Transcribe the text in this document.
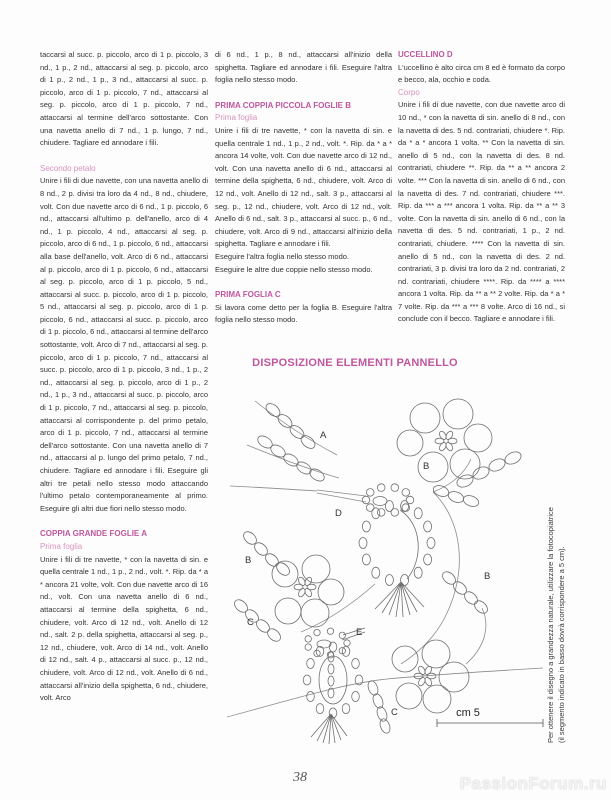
taccarsi al succ. p. piccolo, arco di 1 p. piccolo, 3 nd., 1 p., 2 nd., attaccarsi al seg. p. piccolo, arco di 1 p., 2 nd., 1 p., 3 nd., attaccarsi al succ. p. piccolo, arco di 1 p. piccolo, 7 nd., attaccarsi al seg. p. piccolo, arco di 1 p. piccolo, 7 nd., attaccarsi al termine dell'arco sottostante. Con una navetta anello di 7 nd., 1 p. lungo, 7 nd., chiudere. Tagliare ed annodare i fili.

Secondo petalo

Unire i fili di due navette, con una navetta anello di 8 nd., 2 p. divisi tra loro da 4 nd., 8 nd., chiudere, volt. Con due navette arco di 6 nd., 1 p. piccolo, 6 nd., attaccarsi all'ultimo p. dell'anello, arco di 4 nd., 1 p. piccolo, 4 nd., attaccarsi al seg. p. piccolo, arco di 6 nd., 1 p. piccolo, 6 nd., attaccarsi alla base dell'anello, volt. Arco di 6 nd., attaccarsi al p. piccolo, arco di 1 p. piccolo, 6 nd., attaccarsi al seg. p. piccolo, arco di 1 p. piccolo, 5 nd., attaccarsi al succ. p. piccolo, arco di 1 p. piccolo, 5 nd., attaccarsi al seg. p. piccolo, arco di 1 p. piccolo, 6 nd., attaccarsi al succ. p. piccolo, arco di 1 p. piccolo, 6 nd., attaccarsi al termine dell'arco sottostante, volt. Arco di 7 nd., attaccarsi al seg. p. piccolo, arco di 1 p. piccolo, 7 nd., attaccarsi al succ. p. piccolo, arco di 1 p. piccolo, 3 nd., 1 p., 2 nd., attaccarsi al seg. p. piccolo, arco di 1 p., 2 nd., 1 p., 3 nd., attaccarsi al succ. p. piccolo, arco di 1 p. piccolo, 7 nd., attaccarsi al seg. p. piccolo, attaccarsi al corrispondente p. del primo petalo, arco di 1 p. piccolo, 7 nd., attaccarsi al termine dell'arco sottostante. Con una navetta anello di 7 nd., attaccarsi al p. lungo del primo petalo, 7 nd., chiudere. Tagliare ed annodare i fili. Eseguire gli altri tre petali nello stesso modo attaccando l'ultimo petalo contemporaneamente al primo. Eseguire gli altri due fiori nello stesso modo.

COPPIA GRANDE FOGLIE A

Prima foglia

Unire i fili di tre navette, * con la navetta di sin. e quella centrale 1 nd., 1 p., 2 nd., volt. *. Rip. da * a * ancora 21 volte, volt. Con due navette arco di 16 nd., volt. Con una navetta anello di 6 nd., attaccarsi al termine della spighetta, 6 nd., chiudere, volt. Arco di 12 nd., volt. Anello di 12 nd., salt. 2 p. della spighetta, attaccarsi al seg. p., 12 nd., chiudere, volt. Arco di 14 nd., volt. Anello di 12 nd., salt. 4 p., attaccarsi al succ. p., 12 nd., chiudere, volt. Arco di 12 nd., volt. Anello di 6 nd., attaccarsi all'inizio della spighetta, 6 nd., chiudere, volt. Arco

di 6 nd., 1 p., 8 nd., attaccarsi all'inizio della spighetta. Tagliare ed annodare i fili. Eseguire l'altra foglia nello stesso modo.

PRIMA COPPIA PICCOLA FOGLIE B

Prima foglia

Unire i fili di tre navette, * con la navetta di sin. e quella centrale 1 nd., 1 p., 2 nd., volt. *. Rip. da * a * ancora 14 volte, volt. Con due navette arco di 12 nd., volt. Con una navetta anello di 6 nd., attaccarsi al termine della spighetta, 6 nd., chiudere, volt. Arco di 12 nd., volt. Anello di 12 nd., salt. 3 p., attaccarsi al seg. p., 12 nd., chiudere, volt. Arco di 12 nd., volt. Anello di 6 nd., salt. 3 p., attaccarsi al succ. p., 6 nd., chiudere, volt. Arco di 9 nd., attaccarsi all'inizio della spighetta. Tagliare e annodare i fili.

Eseguire l'altra foglia nello stesso modo.

Eseguire le altre due coppie nello stesso modo.

PRIMA FOGLIA C

Si lavora come detto per la foglia B. Eseguire l'altra foglia nello stesso modo.

UCCELLINO D

L'uccellino è alto circa cm 8 ed è formato da corpo e becco, ala, occhio e coda.

Corpo

Unire i fili di due navette, con due navette arco di 10 nd., * con la navetta di sin. anello di 8 nd., con la navetta di des. 5 nd. contrariati, chiudere *. Rip. da * a * ancora 1 volta. ** Con la navetta di sin. anello di 5 nd., con la navetta di des. 8 nd. contrariati, chiudere **. Rip. da ** a ** ancora 2 volte. *** Con la navetta di sin. anello di 6 nd., con la navetta di des. 7 nd. contrariati, chiudere ***. Rip. da *** a *** ancora 1 volta. Rip. da ** a ** 3 volte. Con la navetta di sin. anello di 6 nd., con la navetta di des. 5 nd. contrariati, 1 p., 2 nd. contrariati, chiudere. **** Con la navetta di sin. anello di 5 nd., con la navetta di des. 2 nd. contrariati, 3 p. divisi tra loro da 2 nd. contrariati, 2 nd. contrariati, chiudere ****. Rip. da **** a **** ancora 1 volta. Rip. da ** a ** 2 volte. Rip. da * a * 7 volte. Rip. da *** a *** 8 volte. Arco di 16 nd., si conclude con il becco. Tagliare e annodare i fili.

DISPOSIZIONE ELEMENTI PANNELLO
A
B
D
B
B
C
E
C	cm 5	Per ottenere il disegno a grandezza naturale, utilizzare la fotocopiatrice (il segmento indicato in basso dovrà corrispondere a 5 cm).
38	PassionForum.ru
